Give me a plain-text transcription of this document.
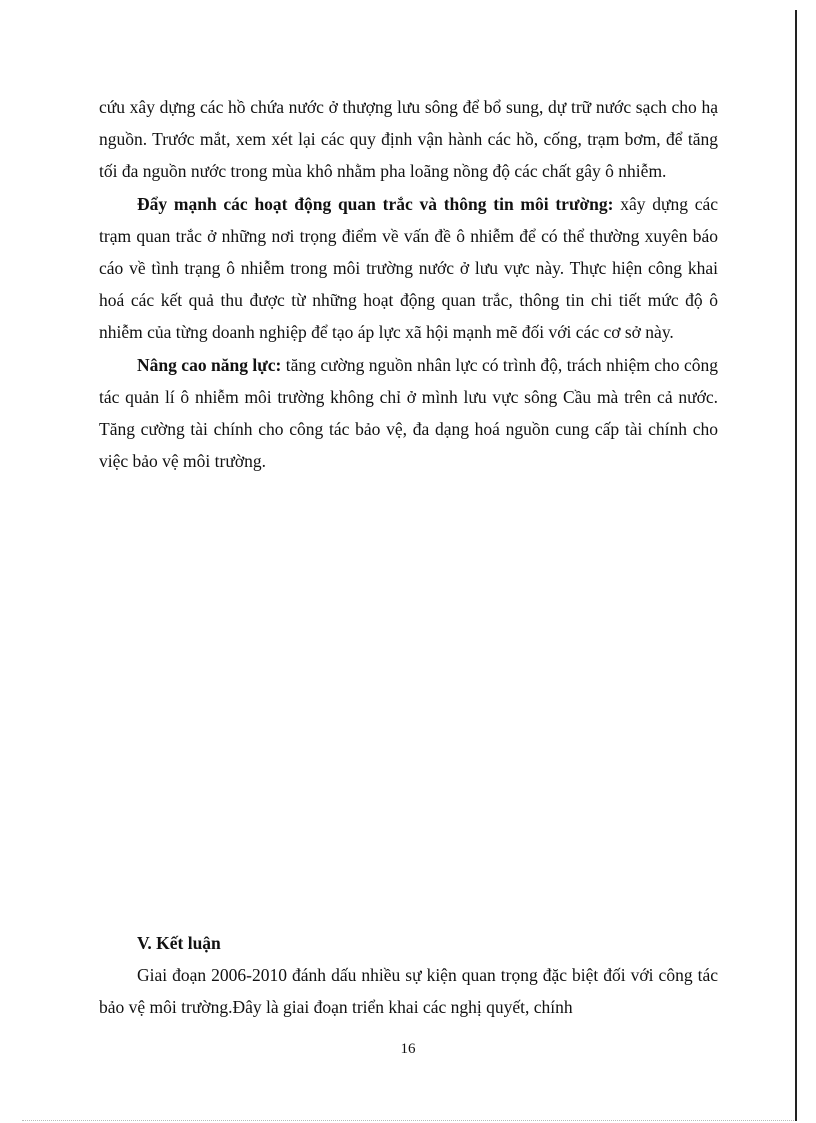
cứu xây dựng các hồ chứa nước ở thượng lưu sông để bổ sung, dự trữ nước sạch cho hạ nguồn. Trước mắt, xem xét lại các quy định vận hành các hồ, cống, trạm bơm, để tăng tối đa nguồn nước trong mùa khô nhằm pha loãng nồng độ các chất gây ô nhiễm.

Đẩy mạnh các hoạt động quan trắc và thông tin môi trường: xây dựng các trạm quan trắc ở những nơi trọng điểm về vấn đề ô nhiễm để có thể thường xuyên báo cáo về tình trạng ô nhiễm trong môi trường nước ở lưu vực này. Thực hiện công khai hoá các kết quả thu được từ những hoạt động quan trắc, thông tin chi tiết mức độ ô nhiễm của từng doanh nghiệp để tạo áp lực xã hội mạnh mẽ đối với các cơ sở này.

Nâng cao năng lực: tăng cường nguồn nhân lực có trình độ, trách nhiệm cho công tác quản lí ô nhiễm môi trường không chỉ ở mình lưu vực sông Cầu mà trên cả nước. Tăng cường tài chính cho công tác bảo vệ, đa dạng hoá nguồn cung cấp tài chính cho việc bảo vệ môi trường.

V. Kết luận

Giai đoạn 2006-2010 đánh dấu nhiều sự kiện quan trọng đặc biệt đối với công tác bảo vệ môi trường.Đây là giai đoạn triển khai các nghị quyết, chính

16
